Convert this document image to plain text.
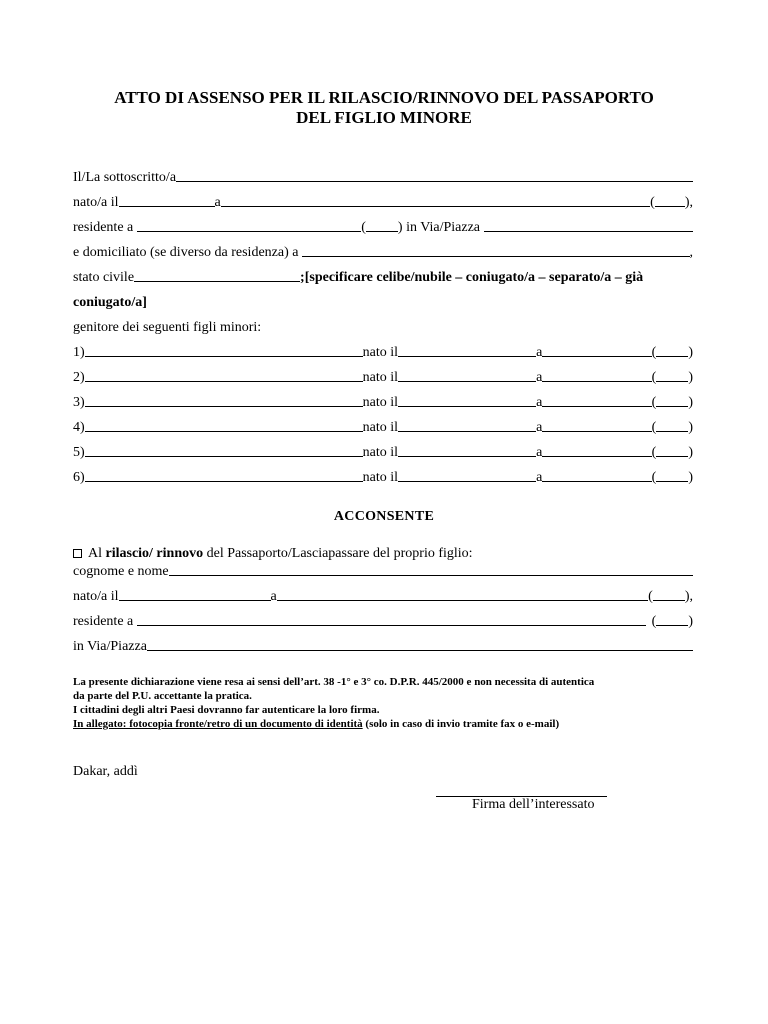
ATTO DI ASSENSO PER IL RILASCIO/RINNOVO DEL PASSAPORTO
DEL FIGLIO MINORE
Il/La sottoscritto/a
nato/a il	a	( ),
residente a	( ) in Via/Piazza
e domiciliato (se diverso da residenza) a	,
stato civile	;[specificare celibe/nubile – coniugato/a – separato/a – già
coniugato/a]
genitore dei seguenti figli minori:
1)	nato il	a	( )
2)	nato il	a	( )
3)	nato il	a	( )
4)	nato il	a	( )
5)	nato il	a	( )
6)	nato il	a	( )
ACCONSENTE
Al rilascio/ rinnovo del Passaporto/Lasciapassare del proprio figlio:
cognome e nome
nato/a il	a	( ),
residente a	( )
in Via/Piazza
La presente dichiarazione viene resa ai sensi dell’art. 38 -1° e 3° co. D.P.R. 445/2000 e non necessita di autentica
da parte del P.U. accettante la pratica.
I cittadini degli altri Paesi dovranno far autenticare la loro firma.
In allegato: fotocopia fronte/retro di un documento di identità (solo in caso di invio tramite fax o e-mail)
Dakar, addì
Firma dell’interessato
